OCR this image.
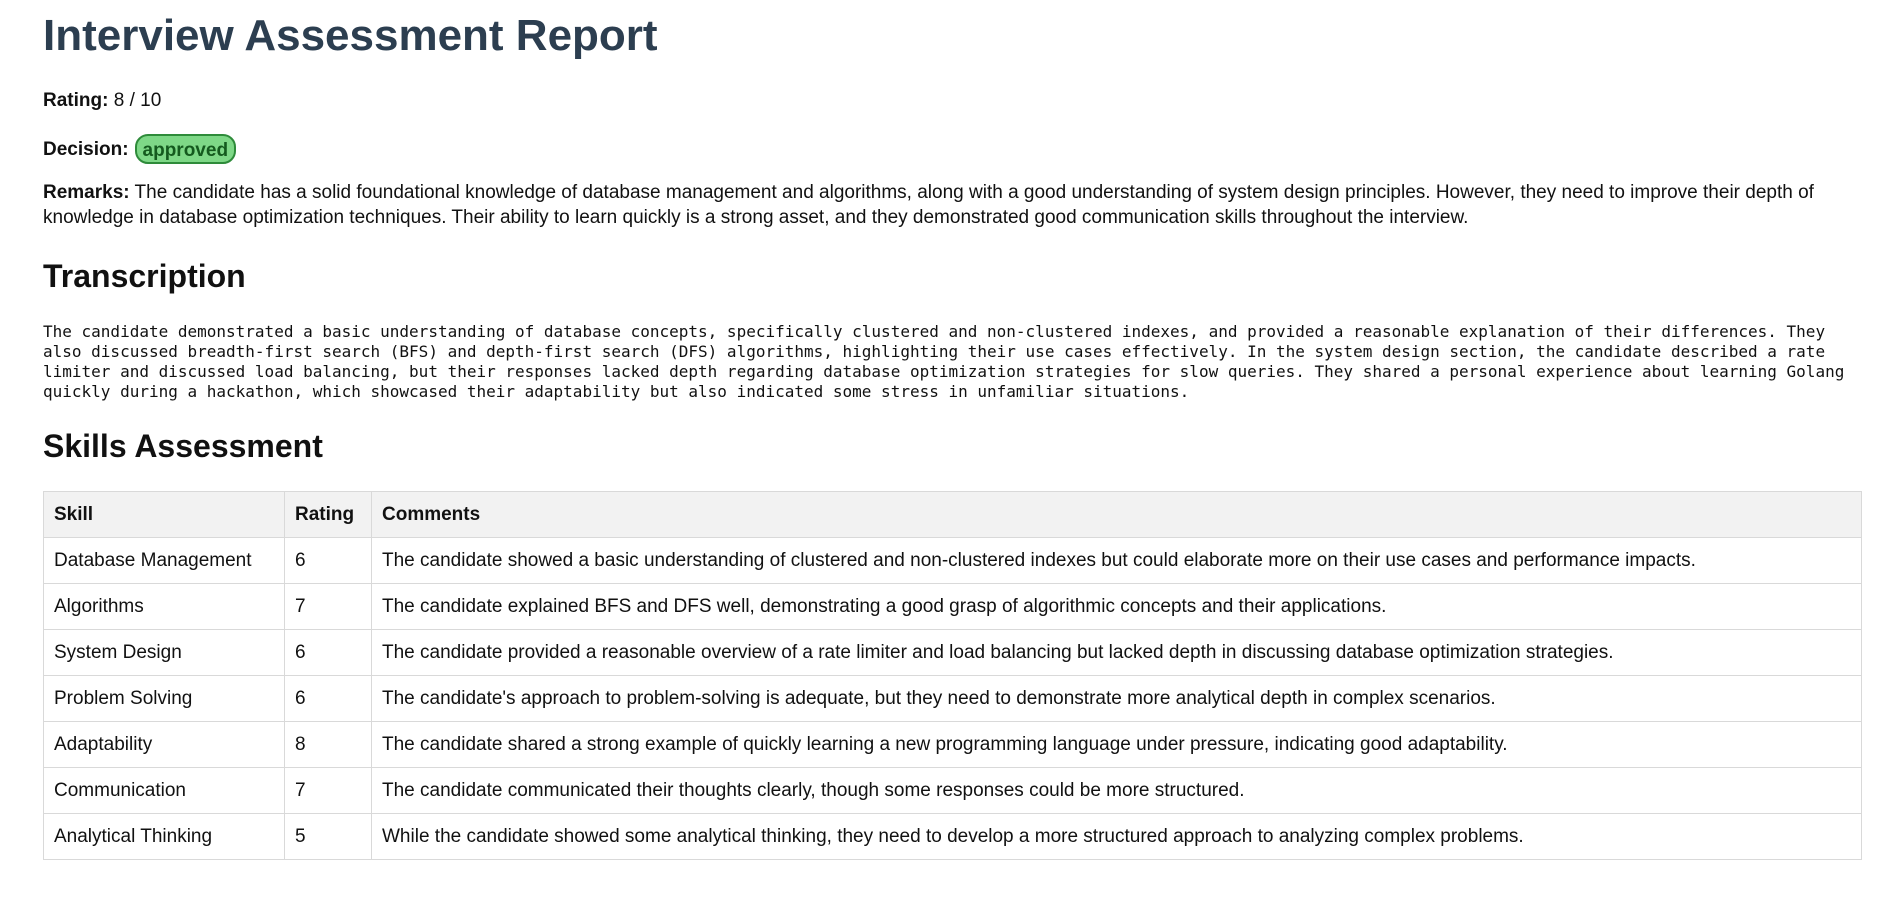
Interview Assessment Report
Rating: 8 / 10
Decision: approved
Remarks: The candidate has a solid foundational knowledge of database management and algorithms, along with a good understanding of system design principles. However, they need to improve their depth of knowledge in database optimization techniques. Their ability to learn quickly is a strong asset, and they demonstrated good communication skills throughout the interview.
Transcription
The candidate demonstrated a basic understanding of database concepts, specifically clustered and non-clustered indexes, and provided a reasonable explanation of their differences. They also discussed breadth-first search (BFS) and depth-first search (DFS) algorithms, highlighting their use cases effectively. In the system design section, the candidate described a rate limiter and discussed load balancing, but their responses lacked depth regarding database optimization strategies for slow queries. They shared a personal experience about learning Golang quickly during a hackathon, which showcased their adaptability but also indicated some stress in unfamiliar situations.
Skills Assessment
Skill	Rating	Comments
Database Management	6	The candidate showed a basic understanding of clustered and non-clustered indexes but could elaborate more on their use cases and performance impacts.
Algorithms	7	The candidate explained BFS and DFS well, demonstrating a good grasp of algorithmic concepts and their applications.
System Design	6	The candidate provided a reasonable overview of a rate limiter and load balancing but lacked depth in discussing database optimization strategies.
Problem Solving	6	The candidate's approach to problem-solving is adequate, but they need to demonstrate more analytical depth in complex scenarios.
Adaptability	8	The candidate shared a strong example of quickly learning a new programming language under pressure, indicating good adaptability.
Communication	7	The candidate communicated their thoughts clearly, though some responses could be more structured.
Analytical Thinking	5	While the candidate showed some analytical thinking, they need to develop a more structured approach to analyzing complex problems.
